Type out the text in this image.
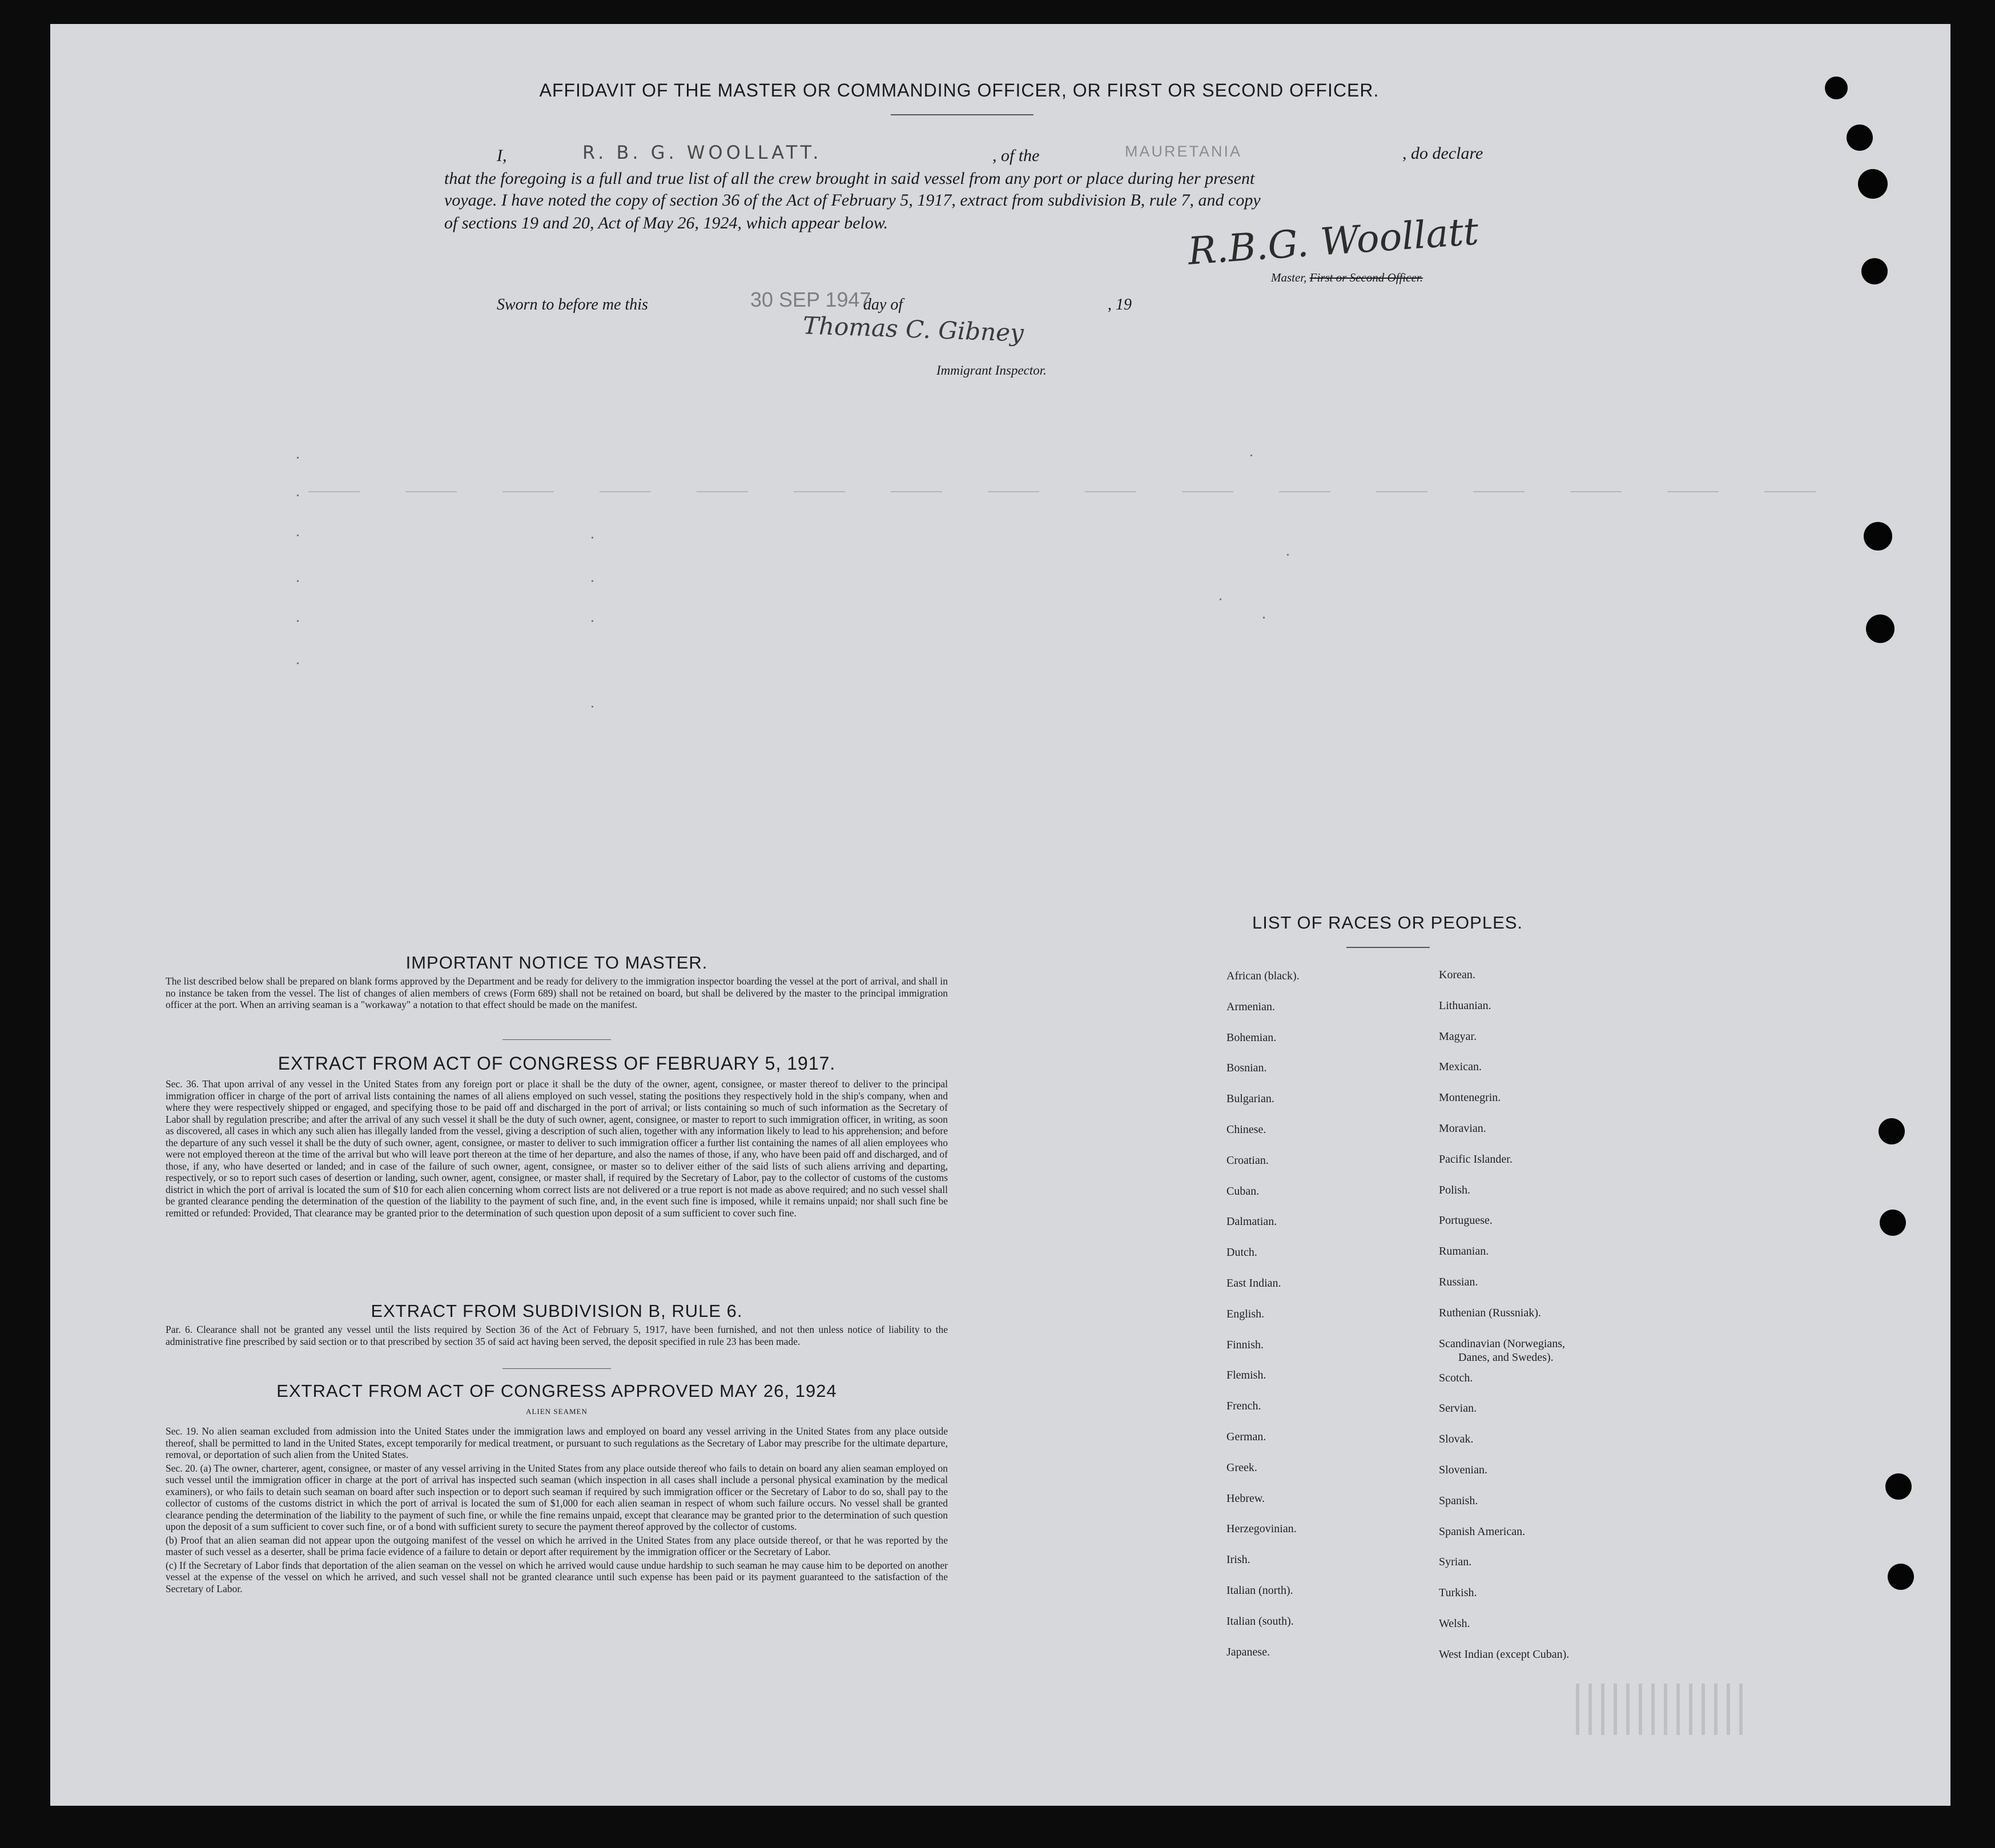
AFFIDAVIT OF THE MASTER OR COMMANDING OFFICER, OR FIRST OR SECOND OFFICER.
I,	R. B. G. WOOLLATT.	, of the	MAURETANIA	, do declare
that the foregoing is a full and true list of all the crew brought in said vessel from any port or place during her present
voyage. I have noted the copy of section 36 of the Act of February 5, 1917, extract from subdivision B, rule 7, and copy
of sections 19 and 20, Act of May 26, 1924, which appear below.	R.B.G. Woollatt
Master, First or Second Officer.
Sworn to before me this	30 SEP 1947
day of	, 19
Thomas C. Gibney
Immigrant Inspector.
IMPORTANT NOTICE TO MASTER.
The list described below shall be prepared on blank forms approved by the Department and be ready for delivery to the immigration inspector boarding the vessel at the port of arrival, and shall in no instance be taken from the vessel. The list of changes of alien members of crews (Form 689) shall not be retained on board, but shall be delivered by the master to the principal immigration officer at the port. When an arriving seaman is a "workaway" a notation to that effect should be made on the manifest.
EXTRACT FROM ACT OF CONGRESS OF FEBRUARY 5, 1917.
Sec. 36. That upon arrival of any vessel in the United States from any foreign port or place it shall be the duty of the owner, agent, consignee, or master thereof to deliver to the principal immigration officer in charge of the port of arrival lists containing the names of all aliens employed on such vessel, stating the positions they respectively hold in the ship's company, when and where they were respectively shipped or engaged, and specifying those to be paid off and discharged in the port of arrival; or lists containing so much of such information as the Secretary of Labor shall by regulation prescribe; and after the arrival of any such vessel it shall be the duty of such owner, agent, consignee, or master to report to such immigration officer, in writing, as soon as discovered, all cases in which any such alien has illegally landed from the vessel, giving a description of such alien, together with any information likely to lead to his apprehension; and before the departure of any such vessel it shall be the duty of such owner, agent, consignee, or master to deliver to such immigration officer a further list containing the names of all alien employees who were not employed thereon at the time of the arrival but who will leave port thereon at the time of her departure, and also the names of those, if any, who have been paid off and discharged, and of those, if any, who have deserted or landed; and in case of the failure of such owner, agent, consignee, or master so to deliver either of the said lists of such aliens arriving and departing, respectively, or so to report such cases of desertion or landing, such owner, agent, consignee, or master shall, if required by the Secretary of Labor, pay to the collector of customs of the customs district in which the port of arrival is located the sum of $10 for each alien concerning whom correct lists are not delivered or a true report is not made as above required; and no such vessel shall be granted clearance pending the determination of the question of the liability to the payment of such fine, and, in the event such fine is imposed, while it remains unpaid; nor shall such fine be remitted or refunded: Provided, That clearance may be granted prior to the determination of such question upon deposit of a sum sufficient to cover such fine.
EXTRACT FROM SUBDIVISION B, RULE 6.
Par. 6. Clearance shall not be granted any vessel until the lists required by Section 36 of the Act of February 5, 1917, have been furnished, and not then unless notice of liability to the administrative fine prescribed by said section or to that prescribed by section 35 of said act having been served, the deposit specified in rule 23 has been made.
EXTRACT FROM ACT OF CONGRESS APPROVED MAY 26, 1924
ALIEN SEAMEN

Sec. 19. No alien seaman excluded from admission into the United States under the immigration laws and employed on board any vessel arriving in the United States from any place outside thereof, shall be permitted to land in the United States, except temporarily for medical treatment, or pursuant to such regulations as the Secretary of Labor may prescribe for the ultimate departure, removal, or deportation of such alien from the United States.

Sec. 20. (a) The owner, charterer, agent, consignee, or master of any vessel arriving in the United States from any place outside thereof who fails to detain on board any alien seaman employed on such vessel until the immigration officer in charge at the port of arrival has inspected such seaman (which inspection in all cases shall include a personal physical examination by the medical examiners), or who fails to detain such seaman on board after such inspection or to deport such seaman if required by such immigration officer or the Secretary of Labor to do so, shall pay to the collector of customs of the customs district in which the port of arrival is located the sum of $1,000 for each alien seaman in respect of whom such failure occurs. No vessel shall be granted clearance pending the determination of the liability to the payment of such fine, or while the fine remains unpaid, except that clearance may be granted prior to the determination of such question upon the deposit of a sum sufficient to cover such fine, or of a bond with sufficient surety to secure the payment thereof approved by the collector of customs.

(b) Proof that an alien seaman did not appear upon the outgoing manifest of the vessel on which he arrived in the United States from any place outside thereof, or that he was reported by the master of such vessel as a deserter, shall be prima facie evidence of a failure to detain or deport after requirement by the immigration officer or the Secretary of Labor.

(c) If the Secretary of Labor finds that deportation of the alien seaman on the vessel on which he arrived would cause undue hardship to such seaman he may cause him to be deported on another vessel at the expense of the vessel on which he arrived, and such vessel shall not be granted clearance until such expense has been paid or its payment guaranteed to the satisfaction of the Secretary of Labor.

LIST OF RACES OR PEOPLES.
African (black).
Armenian.
Bohemian.
Bosnian.
Bulgarian.
Chinese.
Croatian.
Cuban.
Dalmatian.
Dutch.
East Indian.
English.
Finnish.
Flemish.
French.
German.
Greek.
Hebrew.
Herzegovinian.
Irish.
Italian (north).
Italian (south).
Japanese.
Korean.
Lithuanian.
Magyar.
Mexican.
Montenegrin.
Moravian.
Pacific Islander.
Polish.
Portuguese.
Rumanian.
Russian.
Ruthenian (Russniak).
Scandinavian (Norwegians,
Danes, and Swedes).
Scotch.
Servian.
Slovak.
Slovenian.
Spanish.
Spanish American.
Syrian.
Turkish.
Welsh.
West Indian (except Cuban).
